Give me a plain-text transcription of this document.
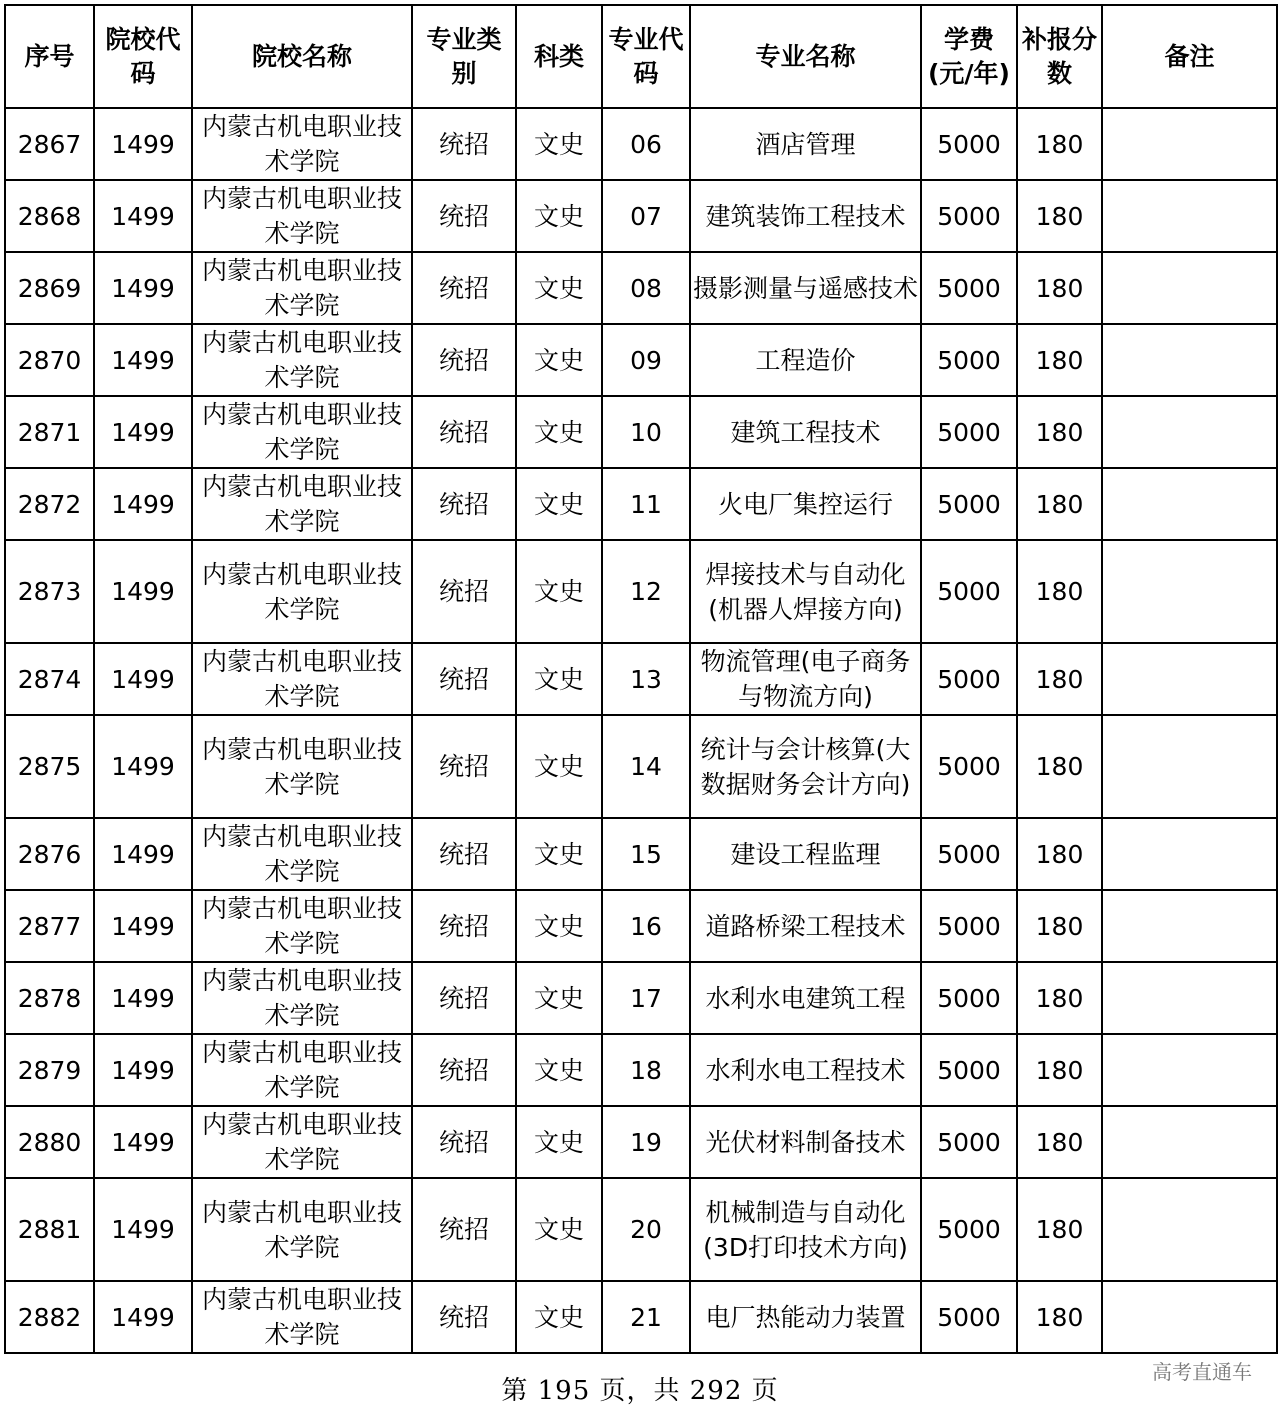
序号	院校代码	院校名称	专业类别	科类	专业代码	专业名称	学费(元/年)	补报分数	备注
2867	1499	内蒙古机电职业技术学院	统招	文史	06	酒店管理	5000	180	
2868	1499	内蒙古机电职业技术学院	统招	文史	07	建筑装饰工程技术	5000	180	
2869	1499	内蒙古机电职业技术学院	统招	文史	08	摄影测量与遥感技术	5000	180	
2870	1499	内蒙古机电职业技术学院	统招	文史	09	工程造价	5000	180	
2871	1499	内蒙古机电职业技术学院	统招	文史	10	建筑工程技术	5000	180	
2872	1499	内蒙古机电职业技术学院	统招	文史	11	火电厂集控运行	5000	180	
2873	1499	内蒙古机电职业技术学院	统招	文史	12	焊接技术与自动化(机器人焊接方向)	5000	180	
2874	1499	内蒙古机电职业技术学院	统招	文史	13	物流管理(电子商务与物流方向)	5000	180	
2875	1499	内蒙古机电职业技术学院	统招	文史	14	统计与会计核算(大数据财务会计方向)	5000	180	
2876	1499	内蒙古机电职业技术学院	统招	文史	15	建设工程监理	5000	180	
2877	1499	内蒙古机电职业技术学院	统招	文史	16	道路桥梁工程技术	5000	180	
2878	1499	内蒙古机电职业技术学院	统招	文史	17	水利水电建筑工程	5000	180	
2879	1499	内蒙古机电职业技术学院	统招	文史	18	水利水电工程技术	5000	180	
2880	1499	内蒙古机电职业技术学院	统招	文史	19	光伏材料制备技术	5000	180	
2881	1499	内蒙古机电职业技术学院	统招	文史	20	机械制造与自动化(3D打印技术方向)	5000	180	
2882	1499	内蒙古机电职业技术学院	统招	文史	21	电厂热能动力装置	5000	180	
第 195 页，共 292 页
高考直通车
